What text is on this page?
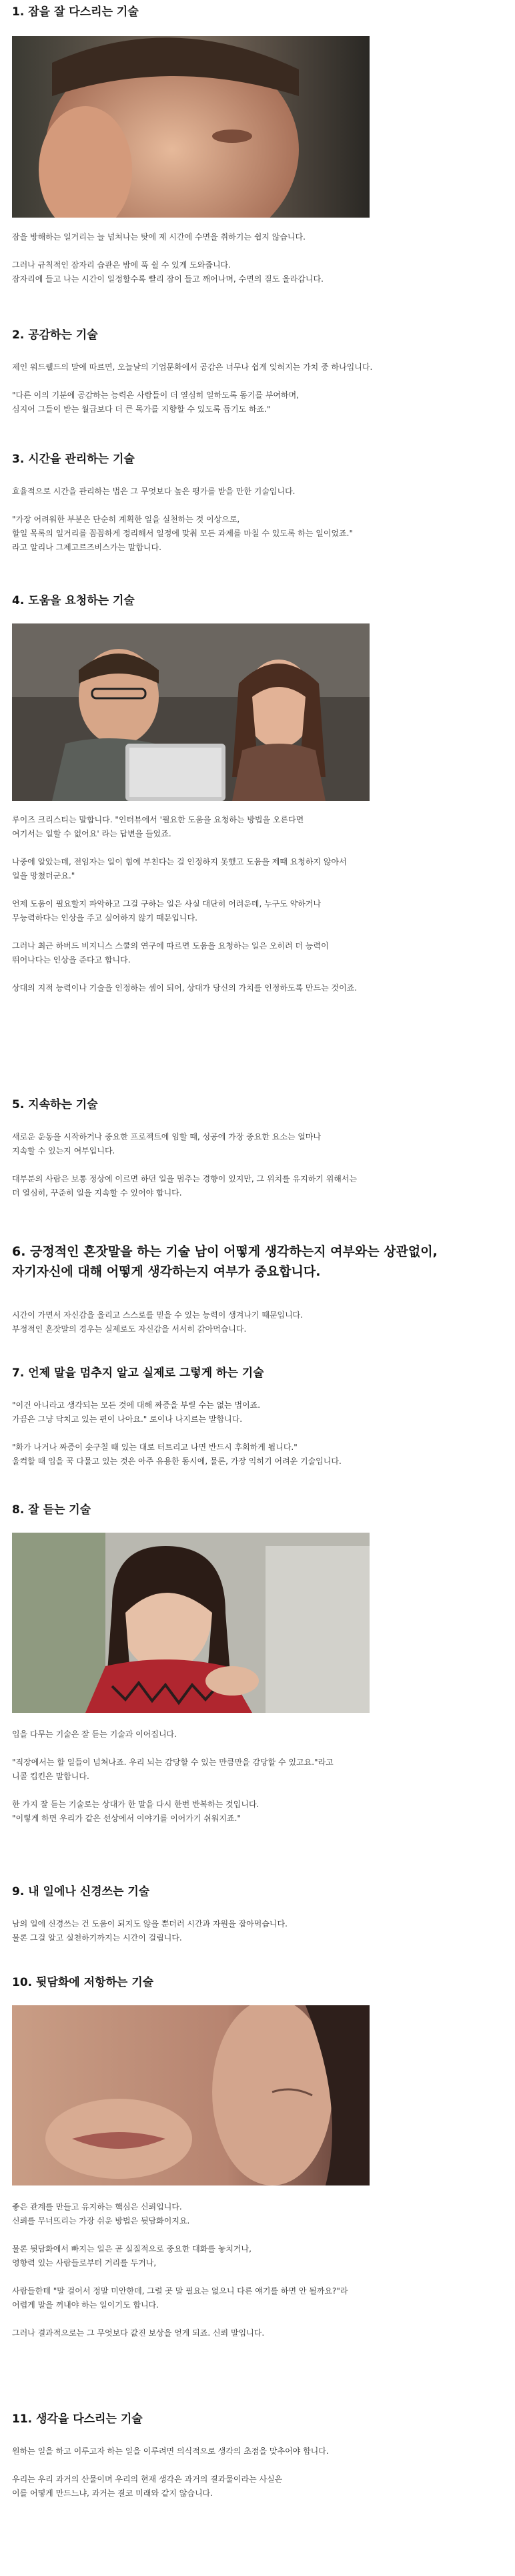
1. 잠을 잘 다스리는 기술

잠을 방해하는 일거리는 늘 넘쳐나는 탓에 제 시간에 수면을 취하기는 쉽지 않습니다.

그러나 규칙적인 잠자리 습관은 밤에 푹 쉴 수 있게 도와줍니다.
잠자리에 들고 나는 시간이 일정할수록 빨리 잠이 들고 깨어나며, 수면의 질도 올라갑니다.

2. 공감하는 기술

제인 워드웰드의 말에 따르면, 오늘날의 기업문화에서 공감은 너무나 쉽게 잊혀지는 가치 중 하나입니다.

"다른 이의 기분에 공감하는 능력은 사람들이 더 열심히 일하도록 동기를 부여하며,
심지어 그들이 받는 월급보다 더 큰 목가를 지향할 수 있도록 돕기도 하죠."

3. 시간을 관리하는 기술

효율적으로 시간을 관리하는 법은 그 무엇보다 높은 평가를 받을 만한 기술입니다.

"가장 어려워한 부분은 단순히 계획한 일을 실천하는 것 이상으로,
할일 목록의 일거리를 꼼꼼하게 정리해서 일정에 맞춰 모든 과제를 마칠 수 있도록 하는 일이었죠."
라고 알리나 그제고르즈비스가는 말합니다.

4. 도움을 요청하는 기술

루이즈 크리스티는 말합니다. "인터뷰에서 '필요한 도움을 요청하는 방법을 오른다면
여기서는 일할 수 없어요' 라는 답변을 들었죠.

나중에 알았는데, 전임자는 일이 힘에 부친다는 걸 인정하지 못했고 도움을 제때 요청하지 않아서
일을 망쳤더군요."

언제 도움이 필요할지 파악하고 그걸 구하는 일은 사실 대단히 어려운데, 누구도 약하거나
무능력하다는 인상을 주고 싶어하지 않기 때문입니다.

그러나 최근 하버드 비지니스 스쿨의 연구에 따르면 도움을 요청하는 일은 오히려 더 능력이
뛰어나다는 인상을 준다고 합니다.

상대의 지적 능력이나 기술을 인정하는 셈이 되어, 상대가 당신의 가치를 인정하도록 만드는 것이죠.

5. 지속하는 기술

새로운 운동을 시작하거나 중요한 프로젝트에 임할 때, 성공에 가장 중요한 요소는 얼마나
지속할 수 있는지 여부입니다.

대부분의 사람은 보통 정상에 이르면 하던 일을 멈추는 경향이 있지만, 그 위치를 유지하기 위해서는
더 열심히, 꾸준히 일을 지속할 수 있어야 합니다.

6. 긍정적인 혼잣말을 하는 기술 남이 어떻게 생각하는지 여부와는 상관없이,
자기자신에 대해 어떻게 생각하는지 여부가 중요합니다.

시간이 가면서 자신감을 올리고 스스로를 믿을 수 있는 능력이 생겨나기 때문입니다.
부정적인 혼잣말의 경우는 실제로도 자신감을 서서히 갉아먹습니다.

7. 언제 말을 멈추지 알고 실제로 그렇게 하는 기술

"이건 아니라고 생각되는 모든 것에 대해 짜증을 부릴 수는 없는 법이죠.
가끔은 그냥 닥치고 있는 편이 나아요." 로이나 나지르는 말합니다.

"화가 나거나 짜증이 솟구칠 때 있는 대로 터트리고 나면 반드시 후회하게 됩니다."
울컥할 때 입을 꾹 다물고 있는 것은 아주 유용한 동시에, 물론, 가장 익히기 어려운 기술입니다.

8. 잘 듣는 기술

입을 다무는 기술은 잘 듣는 기술과 이어집니다.

"직장에서는 할 일들이 넘쳐나죠. 우리 뇌는 감당할 수 있는 만큼만을 감당할 수 있고요."라고
니콜 킵킨은 말합니다.

한 가지 잘 듣는 기술로는 상대가 한 말을 다시 한번 반복하는 것입니다.
"이렇게 하면 우리가 같은 선상에서 이야기를 이어가기 쉬워지죠."

9. 내 일에나 신경쓰는 기술

남의 일에 신경쓰는 건 도움이 되지도 않을 뿐더러 시간과 자원을 잡아먹습니다.
물론 그걸 알고 실천하기까지는 시간이 걸립니다.

10. 뒷담화에 저항하는 기술

좋은 관계를 만들고 유지하는 핵심은 신뢰입니다.
신뢰를 무너뜨리는 가장 쉬운 방법은 뒷담화이지요.

물론 뒷담화에서 빠지는 일은 곧 실질적으로 중요한 대화를 놓치거나,
영향력 있는 사람들로부터 거리를 두거나,

사람들한테 "말 걸어서 정말 미안한데, 그럴 곳 말 필요는 없으니 다른 얘기를 하면 안 될까요?"라
어렵게 말을 꺼내야 하는 일이기도 합니다.

그러나 결과적으로는 그 무엇보다 값진 보상을 얻게 되죠. 신뢰 말입니다.

11. 생각을 다스리는 기술

원하는 일을 하고 이루고자 하는 일을 이루려면 의식적으로 생각의 초점을 맞추어야 합니다.

우리는 우리 과거의 산물이며 우리의 현재 생각은 과거의 결과물이라는 사실은
이를 어떻게 만드느냐, 과거는 결코 미래와 같지 않습니다.
